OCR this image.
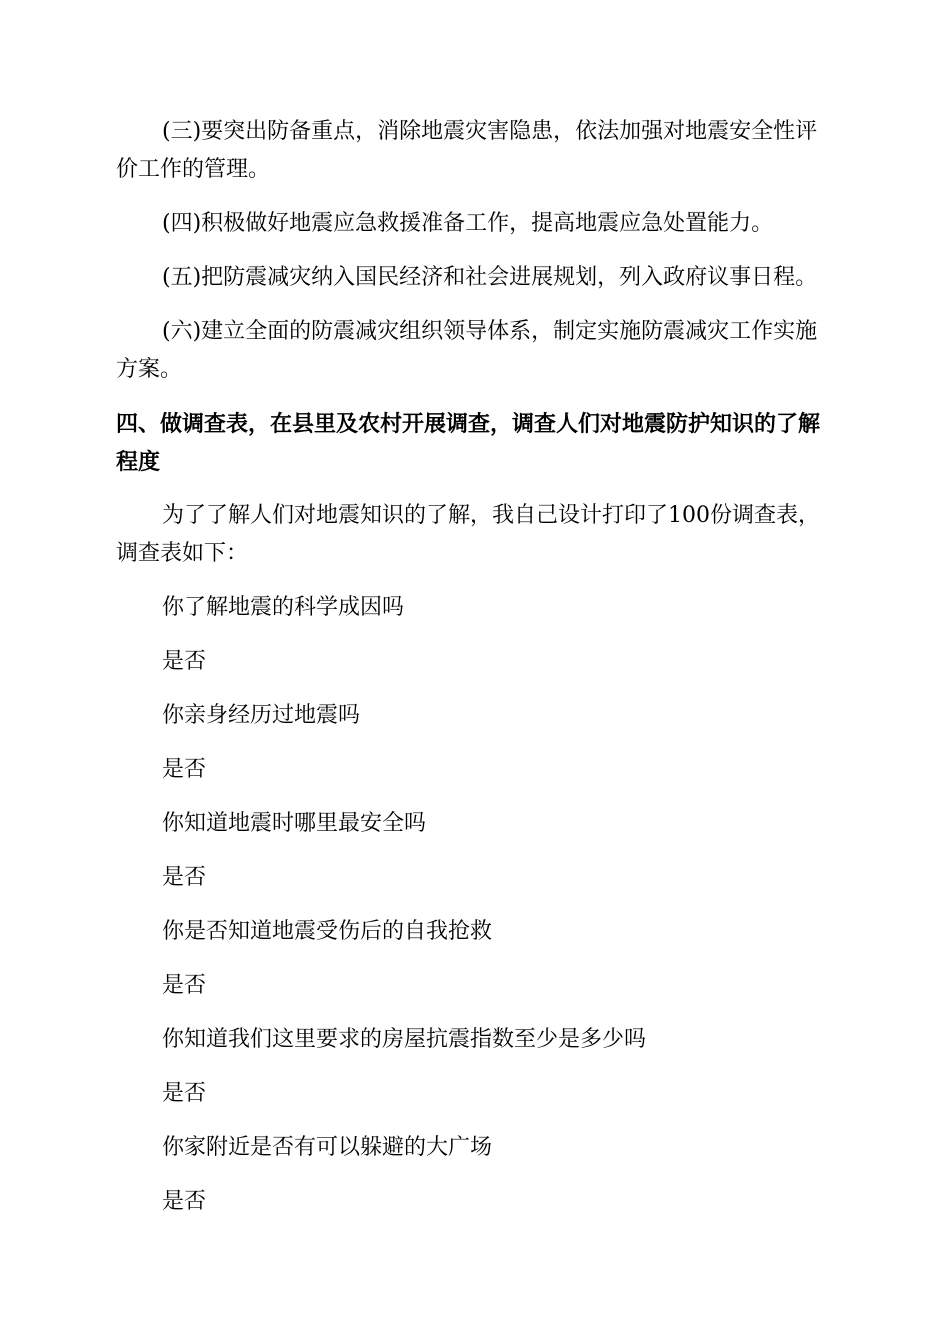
(三)要突出防备重点，消除地震灾害隐患，依法加强对地震安全性评
价工作的管理。
(四)积极做好地震应急救援准备工作，提高地震应急处置能力。
(五)把防震减灾纳入国民经济和社会进展规划，列入政府议事日程。
(六)建立全面的防震减灾组织领导体系，制定实施防震减灾工作实施
方案。
四、做调查表，在县里及农村开展调查，调查人们对地震防护知识的了解
程度
为了了解人们对地震知识的了解，我自己设计打印了100份调查表，
调查表如下：
你了解地震的科学成因吗
是否
你亲身经历过地震吗
是否
你知道地震时哪里最安全吗
是否
你是否知道地震受伤后的自我抢救
是否
你知道我们这里要求的房屋抗震指数至少是多少吗
是否
你家附近是否有可以躲避的大广场
是否
